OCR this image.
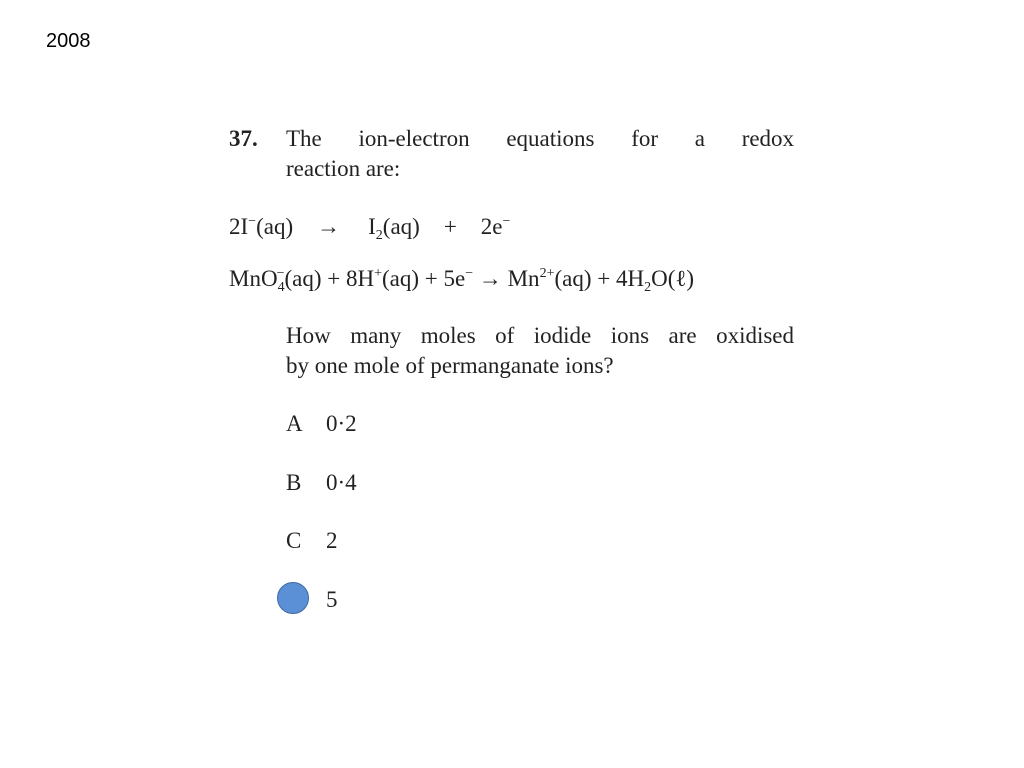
2008
37. The ion-electron equations for a redox
reaction are:
$2I^-(aq) \to I_2(aq) + 2e^-$
$MnO_4^-(aq) + 8H^+(aq) + 5e^- \to Mn^{2+}(aq)$ + $4H_2O(\ell)$
How many moles of iodide ions are oxidised
by one mole of permanganate ions?
A 0·2
B 0·4
C 2
5
